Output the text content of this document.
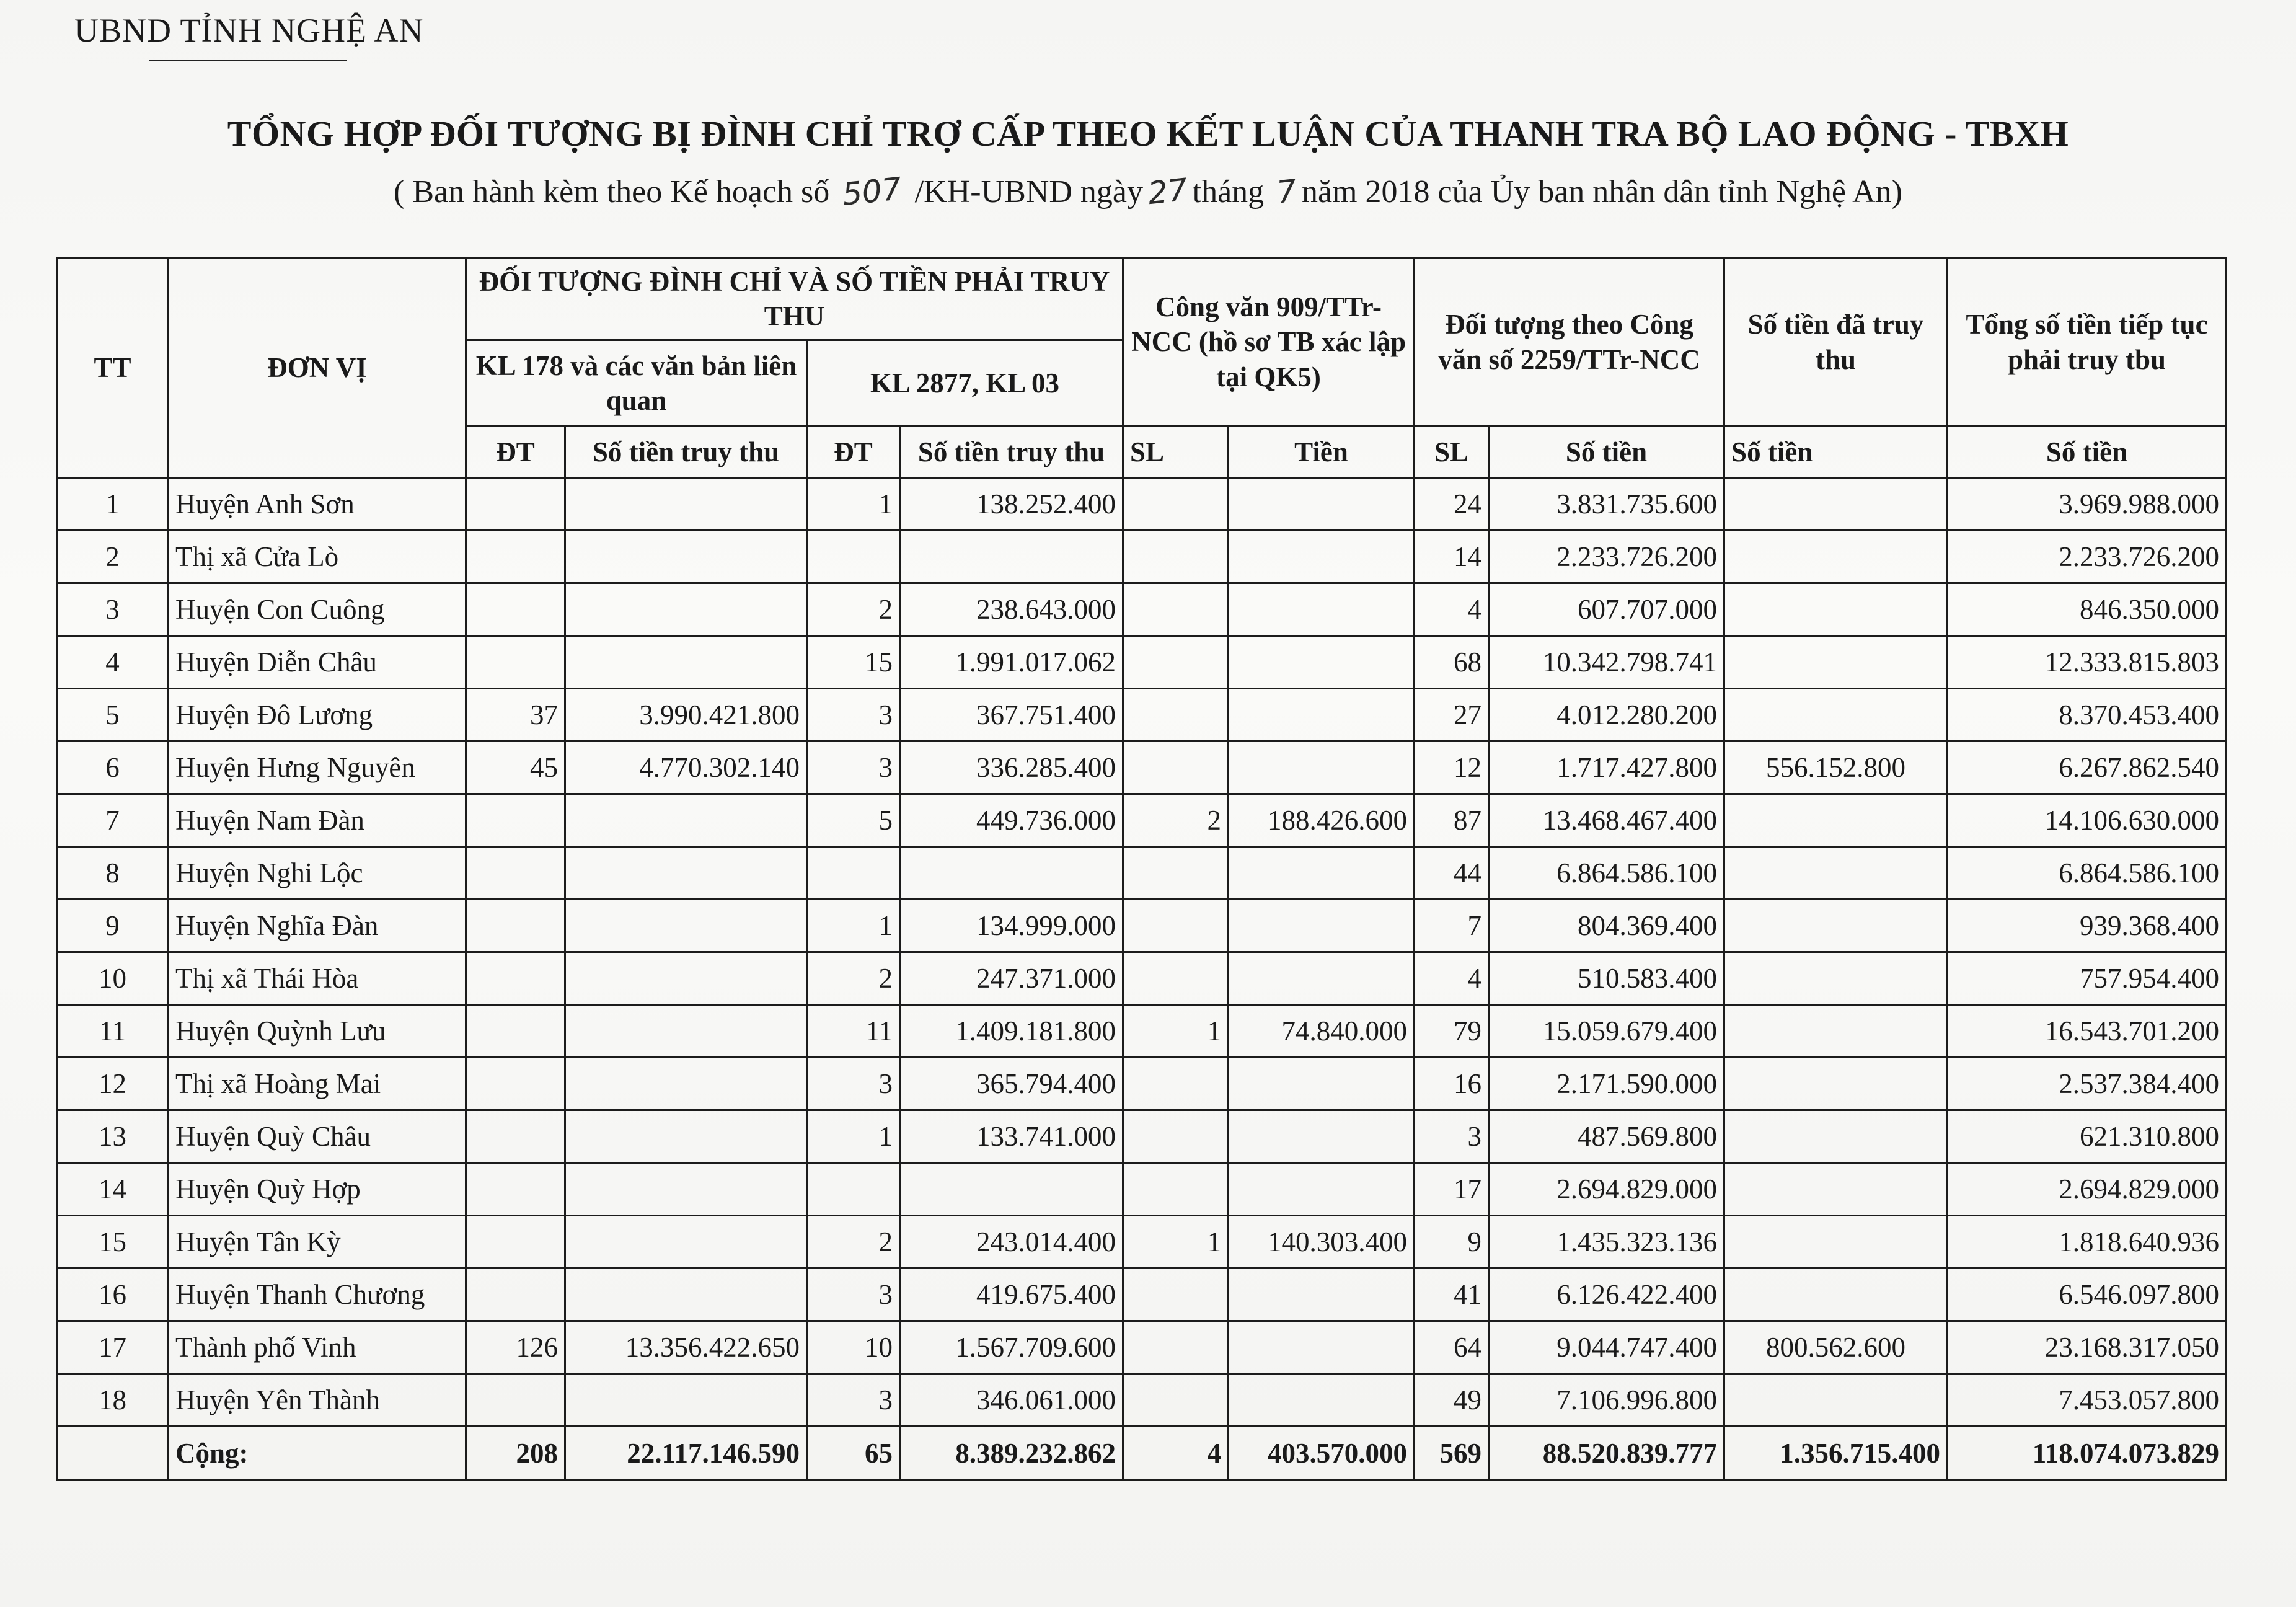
UBND TỈNH NGHỆ AN
TỔNG HỢP ĐỐI TƯỢNG BỊ ĐÌNH CHỈ TRỢ CẤP THEO KẾT LUẬN CỦA THANH TRA BỘ LAO ĐỘNG - TBXH
( Ban hành kèm theo Kế hoạch số 507 /KH-UBND ngày 27tháng 7năm 2018 của Ủy ban nhân dân tỉnh Nghệ An)
TT	ĐƠN VỊ	ĐỐI TƯỢNG ĐÌNH CHỈ VÀ SỐ TIỀN PHẢI TRUY THU				Công văn 909/TTr-NCC (hồ sơ TB xác lập tại QK5)		Đối tượng theo Công văn số 2259/TTr-NCC		Số tiền đã truy thu	Tổng số tiền tiếp tục phải truy tbu
		KL 178 và các văn bản liên quan		KL 2877, KL 03							
		ĐT	Số tiền truy thu	ĐT	Số tiền truy thu	SL	Tiền	SL	Số tiền	Số tiền	Số tiền
1	Huyện Anh Sơn			1	138.252.400			24	3.831.735.600		3.969.988.000
2	Thị xã Cửa Lò							14	2.233.726.200		2.233.726.200
3	Huyện Con Cuông			2	238.643.000			4	607.707.000		846.350.000
4	Huyện Diễn Châu			15	1.991.017.062			68	10.342.798.741		12.333.815.803
5	Huyện Đô Lương	37	3.990.421.800	3	367.751.400			27	4.012.280.200		8.370.453.400
6	Huyện Hưng Nguyên	45	4.770.302.140	3	336.285.400			12	1.717.427.800	556.152.800	6.267.862.540
7	Huyện Nam Đàn			5	449.736.000	2	188.426.600	87	13.468.467.400		14.106.630.000
8	Huyện Nghi Lộc							44	6.864.586.100		6.864.586.100
9	Huyện Nghĩa Đàn			1	134.999.000			7	804.369.400		939.368.400
10	Thị xã Thái Hòa			2	247.371.000			4	510.583.400		757.954.400
11	Huyện Quỳnh Lưu			11	1.409.181.800	1	74.840.000	79	15.059.679.400		16.543.701.200
12	Thị xã Hoàng Mai			3	365.794.400			16	2.171.590.000		2.537.384.400
13	Huyện Quỳ Châu			1	133.741.000			3	487.569.800		621.310.800
14	Huyện Quỳ Hợp							17	2.694.829.000		2.694.829.000
15	Huyện Tân Kỳ			2	243.014.400	1	140.303.400	9	1.435.323.136		1.818.640.936
16	Huyện Thanh Chương			3	419.675.400			41	6.126.422.400		6.546.097.800
17	Thành phố Vinh	126	13.356.422.650	10	1.567.709.600			64	9.044.747.400	800.562.600	23.168.317.050
18	Huyện Yên Thành			3	346.061.000			49	7.106.996.800		7.453.057.800
	Cộng:	208	22.117.146.590	65	8.389.232.862	4	403.570.000	569	88.520.839.777	1.356.715.400	118.074.073.829
